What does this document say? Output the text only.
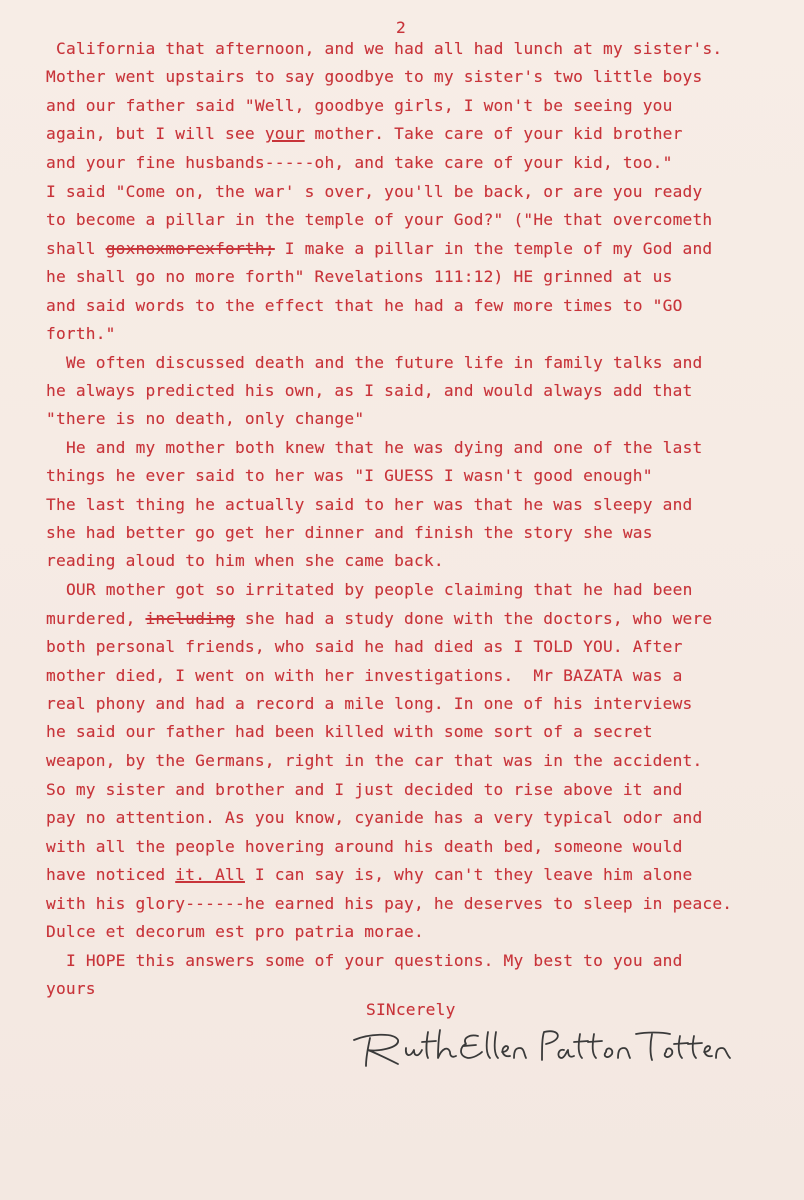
2
California that afternoon, and we had all had lunch at my sister's.
Mother went upstairs to say goodbye to my sister's two little boys
and our father said "Well, goodbye girls, I won't be seeing you
again, but I will see your mother. Take care of your kid brother
and your fine husbands-----oh, and take care of your kid, too."
I said "Come on, the war' s over, you'll be back, or are you ready
to become a pillar in the temple of your God?" ("He that overcometh
shall goxnoxmorexforth; I make a pillar in the temple of my God and
he shall go no more forth" Revelations 111:12) HE grinned at us
and said words to the effect that he had a few more times to "GO
forth."
We often discussed death and the future life in family talks and
he always predicted his own, as I said, and would always add that
"there is no death, only change"
He and my mother both knew that he was dying and one of the last
things he ever said to her was "I GUESS I wasn't good enough"
The last thing he actually said to her was that he was sleepy and
she had better go get her dinner and finish the story she was
reading aloud to him when she came back.
OUR mother got so irritated by people claiming that he had been
murdered, including she had a study done with the doctors, who were
both personal friends, who said he had died as I TOLD YOU. After
mother died, I went on with her investigations.  Mr BAZATA was a
real phony and had a record a mile long. In one of his interviews
he said our father had been killed with some sort of a secret
weapon, by the Germans, right in the car that was in the accident.
So my sister and brother and I just decided to rise above it and
pay no attention. As you know, cyanide has a very typical odor and
with all the people hovering around his death bed, someone would
have noticed it. All I can say is, why can't they leave him alone
with his glory------he earned his pay, he deserves to sleep in peace.
Dulce et decorum est pro patria morae.
I HOPE this answers some of your questions. My best to you and
yours
SINcerely
